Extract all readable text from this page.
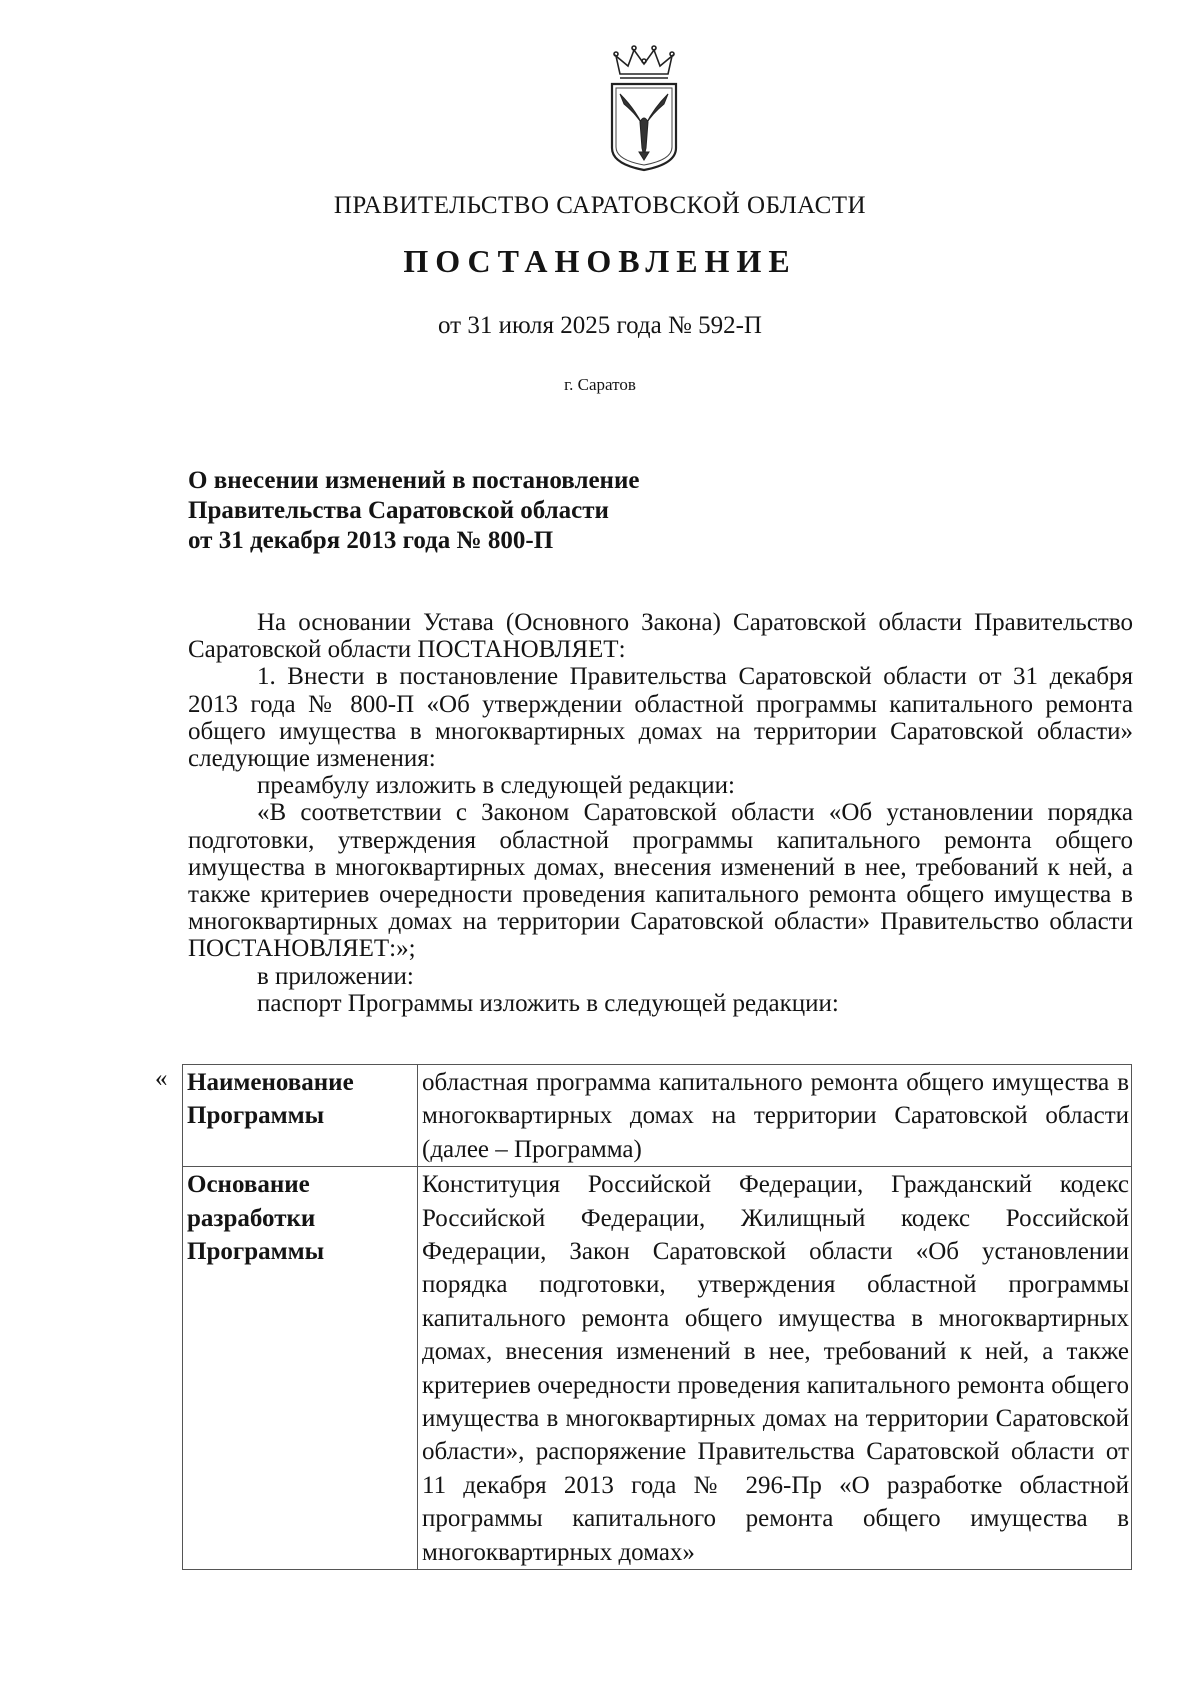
ПРАВИТЕЛЬСТВО САРАТОВСКОЙ ОБЛАСТИ
ПОСТАНОВЛЕНИЕ
от 31 июля 2025 года № 592-П
г. Саратов
О внесении изменений в постановление
Правительства Саратовской области
от 31 декабря 2013 года № 800-П

На основании Устава (Основного Закона) Саратовской области Правительство Саратовской области ПОСТАНОВЛЯЕТ:

1. Внести в постановление Правительства Саратовской области от 31 декабря 2013 года № 800-П «Об утверждении областной программы капитального ремонта общего имущества в многоквартирных домах на территории Саратовской области» следующие изменения:

преамбулу изложить в следующей редакции:

«В соответствии с Законом Саратовской области «Об установлении порядка подготовки, утверждения областной программы капитального ремонта общего имущества в многоквартирных домах, внесения изменений в нее, требований к ней, а также критериев очередности проведения капитального ремонта общего имущества в многоквартирных домах на территории Саратовской области» Правительство области ПОСТАНОВЛЯЕТ:»;

в приложении:

паспорт Программы изложить в следующей редакции:

« Наименование Программы	областная программа капитального ремонта общего имущества в многоквартирных домах на территории Саратовской области (далее – Программа)
Основание разработки Программы	Конституция Российской Федерации, Гражданский кодекс Российской Федерации, Жилищный кодекс Российской Федерации, Закон Саратовской области «Об установлении порядка подготовки, утверждения областной программы капитального ремонта общего имущества в многоквартирных домах, внесения изменений в нее, требований к ней, а также критериев очередности проведения капитального ремонта общего имущества в многоквартирных домах на территории Саратовской области», распоряжение Правительства Саратовской области от 11 декабря 2013 года № 296-Пр «О разработке областной программы капитального ремонта общего имущества в многоквартирных домах»
